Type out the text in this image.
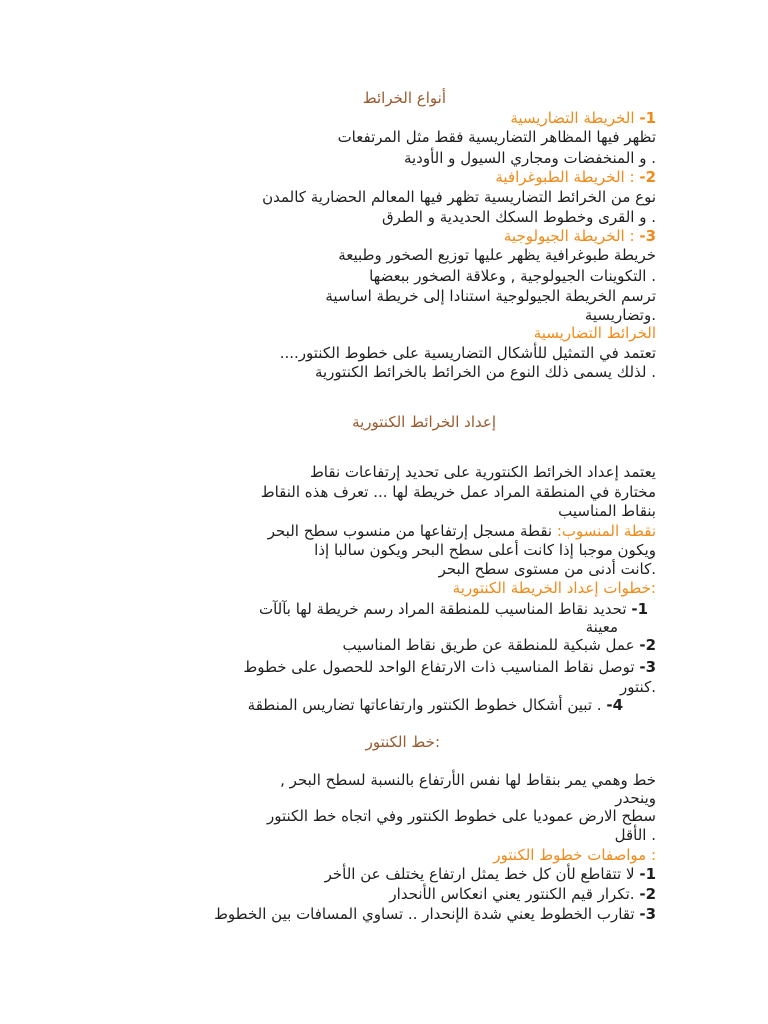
أنواع الخرائط
1- الخريطة التضاريسية
تظهر فيها المظاهر التضاريسية فقط مثل المرتفعات
. و المنخفضات ومجاري السيول و الأودية
2- : الخريطة الطبوغرافية
نوع من الخرائط التضاريسية تظهر فيها المعالم الحضارية كالمدن
. و القرى وخطوط السكك الحديدية و الطرق
3- : الخريطة الجيولوجية
خريطة طبوغرافية يظهر عليها توزيع الصخور وطبيعة
. التكوينات الجيولوجية , وعلاقة الصخور ببعضها
ترسم الخريطة الجيولوجية استنادا إلى خريطة اساسية
.وتضاريسية
الخرائط التضاريسية
تعتمد في التمثيل للأشكال التضاريسية على خطوط الكنتور....
. لذلك يسمى ذلك النوع من الخرائط بالخرائط الكنتورية
إعداد الخرائط الكنتورية
يعتمد إعداد الخرائط الكنتورية على تحديد إرتفاعات نقاط
مختارة في المنطقة المراد عمل خريطة لها ... تعرف هذه النقاط
بنقاط المناسيب
نقطة المنسوب: نقطة مسجل إرتفاعها من منسوب سطح البحر
ويكون موجبا إذا كانت أعلى سطح البحر ويكون سالبا إذا
.كانت أدنى من مستوى سطح البحر
:خطوات إعداد الخريطة الكنتورية
1- تحديد نقاط المناسيب للمنطقة المراد رسم خريطة لها بآلآت
معينة
2- عمل شبكية للمنطقة عن طريق نقاط المناسيب
3- توصل نقاط المناسيب ذات الارتفاع الواحد للحصول على خطوط
.كنتور
4- . تبين أشكال خطوط الكنتور وارتفاعاتها تضاريس المنطقة
:خط الكنتور
خط وهمي يمر بنقاط لها نفس الأرتفاع بالنسبة لسطح البحر ,
وينحدر
سطح الارض عموديا على خطوط الكنتور وفي اتجاه خط الكنتور
. الأقل
: مواصفات خطوط الكنتور
1- لا تتقاطع لأن كل خط يمثل ارتفاع يختلف عن الأخر
2- .تكرار قيم الكنتور يعني انعكاس الأنحدار
3- تقارب الخطوط يعني شدة الإنحدار .. تساوي المسافات بين الخطوط
